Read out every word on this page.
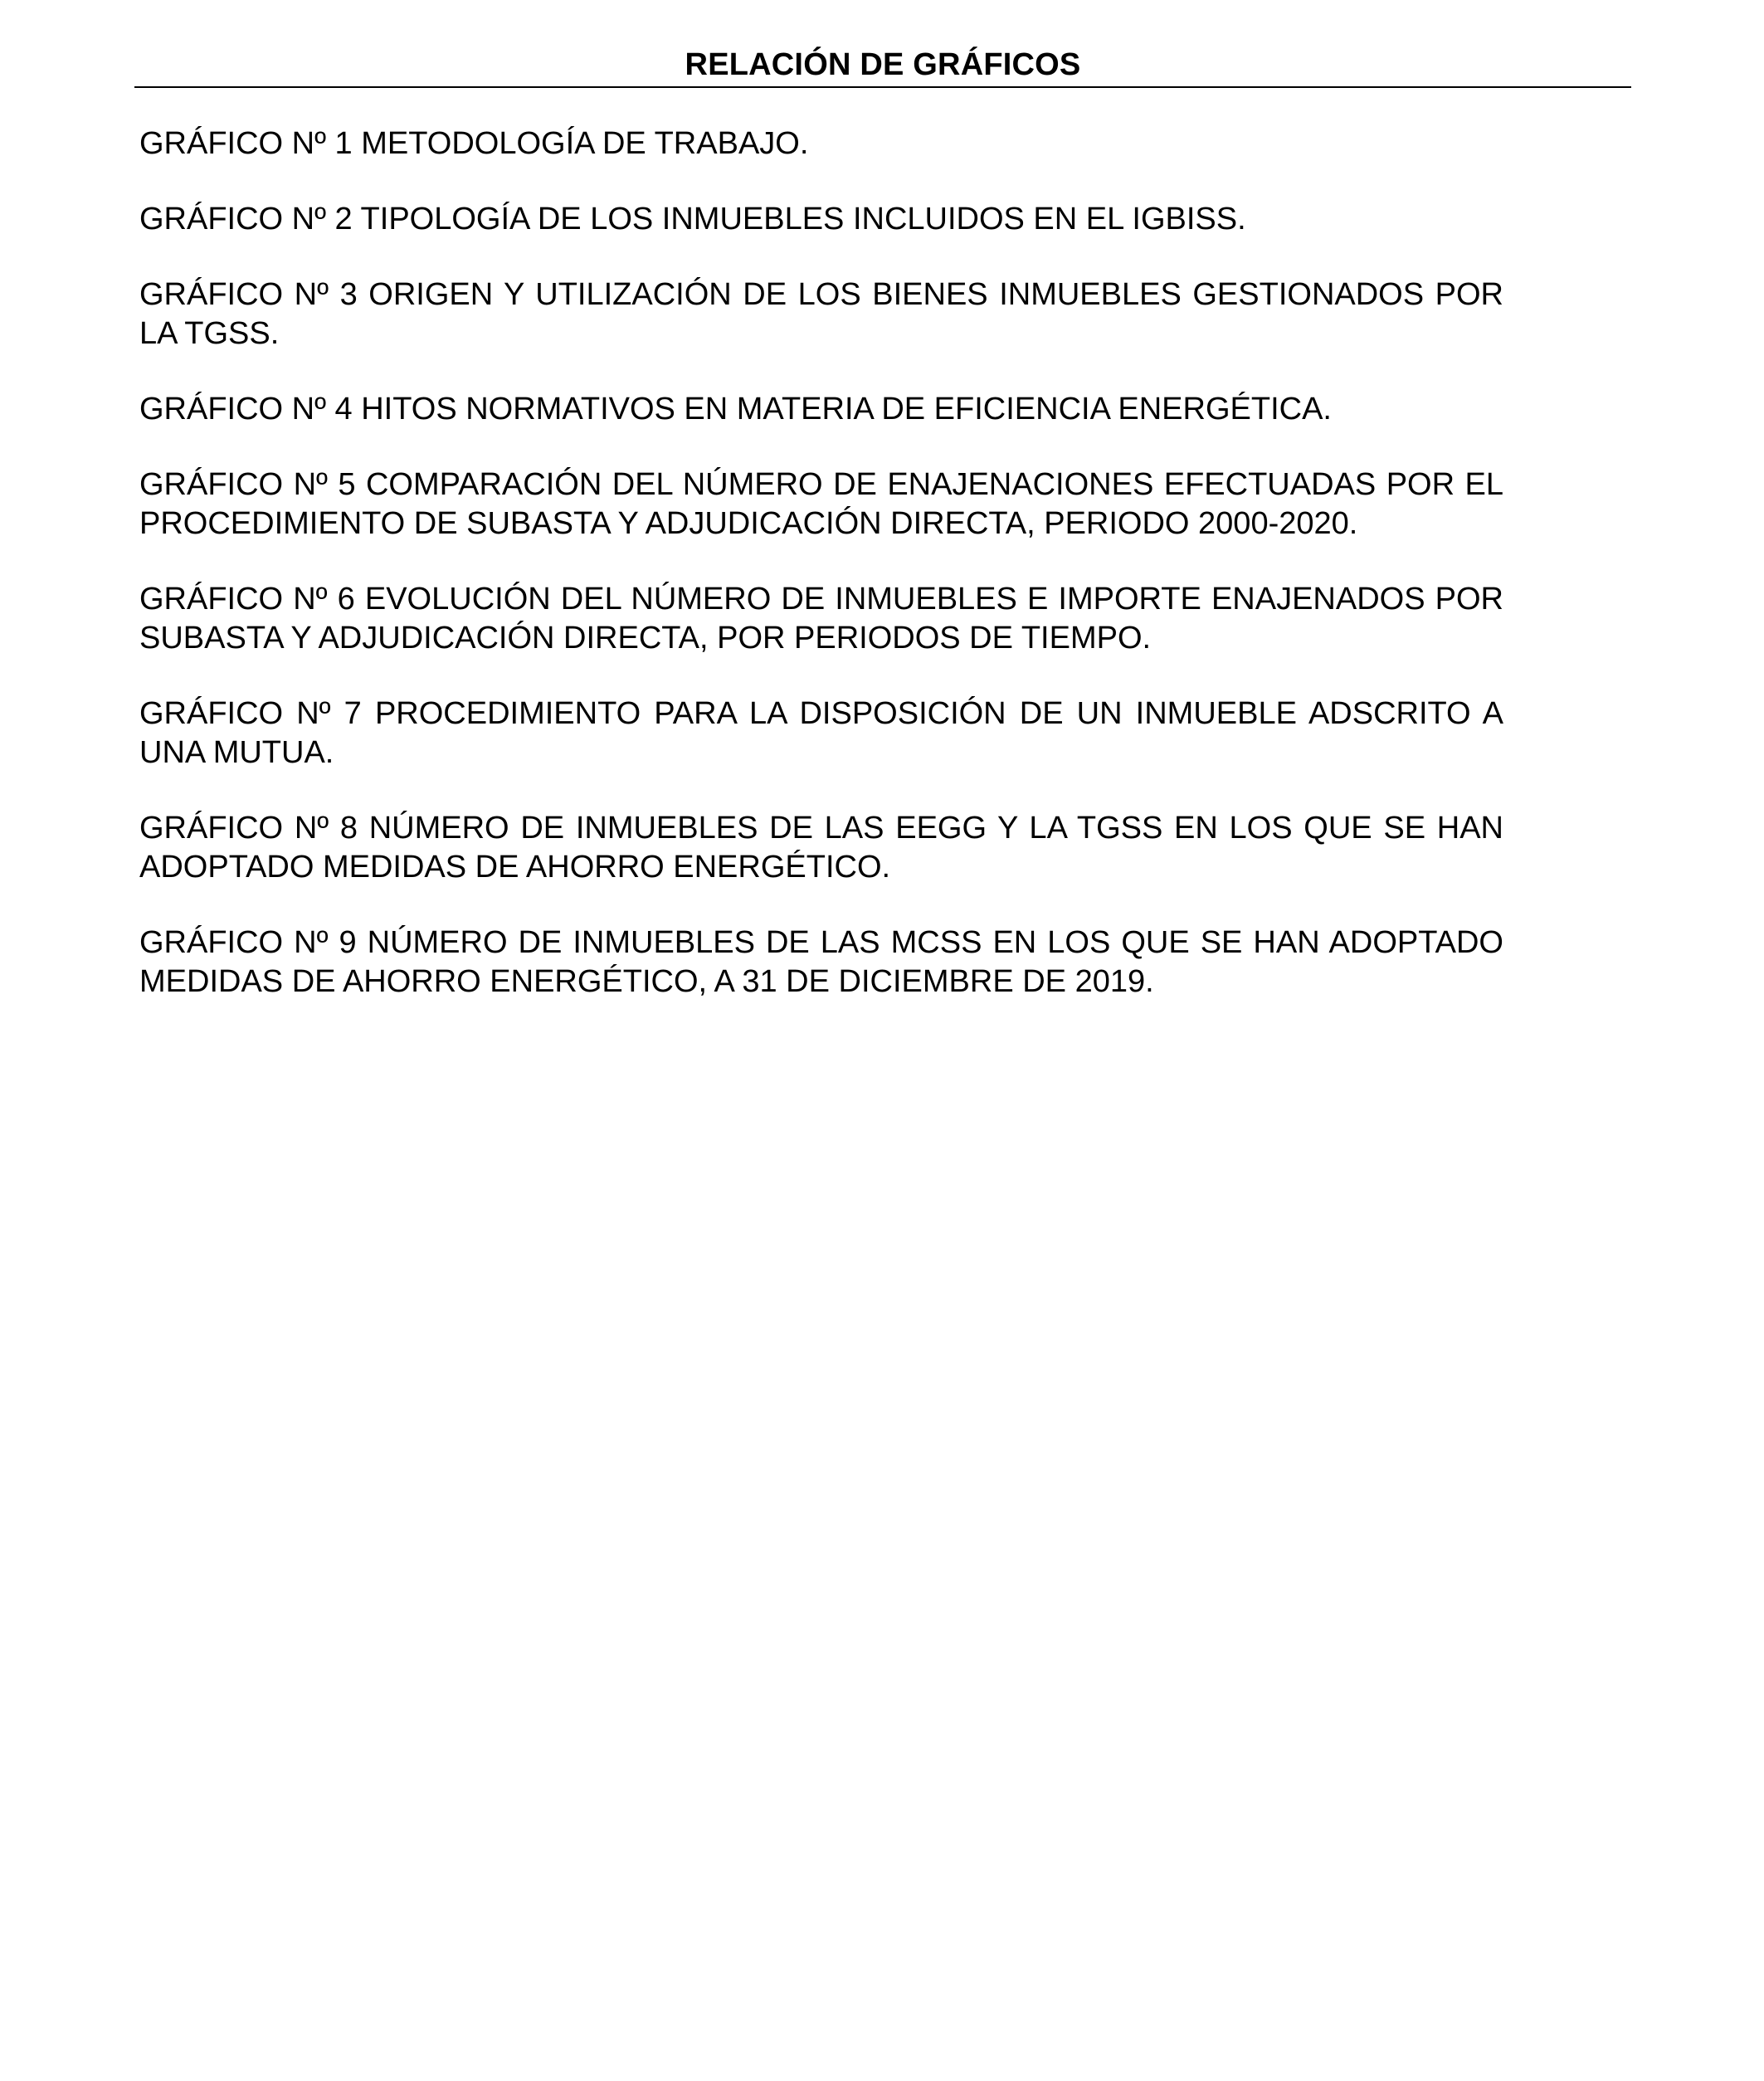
RELACIÓN DE GRÁFICOS
GRÁFICO Nº 1 METODOLOGÍA DE TRABAJO.
GRÁFICO Nº 2 TIPOLOGÍA DE LOS INMUEBLES INCLUIDOS EN EL IGBISS.
GRÁFICO Nº 3 ORIGEN Y UTILIZACIÓN DE LOS BIENES INMUEBLES GESTIONADOS POR LA TGSS.
GRÁFICO Nº 4 HITOS NORMATIVOS EN MATERIA DE EFICIENCIA ENERGÉTICA.
GRÁFICO Nº 5 COMPARACIÓN DEL NÚMERO DE ENAJENACIONES EFECTUADAS POR EL PROCEDIMIENTO DE SUBASTA Y ADJUDICACIÓN DIRECTA, PERIODO 2000-2020.
GRÁFICO Nº 6 EVOLUCIÓN DEL NÚMERO DE INMUEBLES E IMPORTE ENAJENADOS POR SUBASTA Y ADJUDICACIÓN DIRECTA, POR PERIODOS DE TIEMPO.
GRÁFICO Nº 7 PROCEDIMIENTO PARA LA DISPOSICIÓN DE UN INMUEBLE ADSCRITO A UNA MUTUA.
GRÁFICO Nº 8 NÚMERO DE INMUEBLES DE LAS EEGG Y LA TGSS EN LOS QUE SE HAN ADOPTADO MEDIDAS DE AHORRO ENERGÉTICO.
GRÁFICO Nº 9 NÚMERO DE INMUEBLES DE LAS MCSS EN LOS QUE SE HAN ADOPTADO MEDIDAS DE AHORRO ENERGÉTICO, A 31 DE DICIEMBRE DE 2019.
